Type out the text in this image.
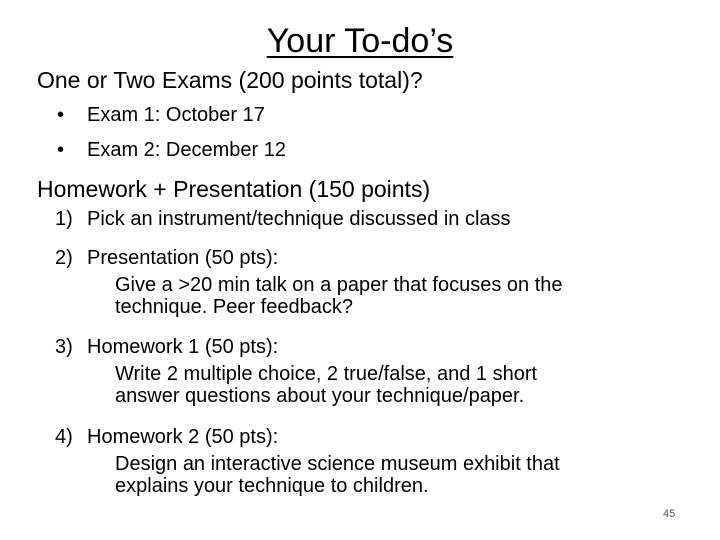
Your To-do’s
One or Two Exams (200 points total)?
• Exam 1: October 17
• Exam 2: December 12
Homework + Presentation (150 points)
1) Pick an instrument/technique discussed in class
2) Presentation (50 pts):
Give a >20 min talk on a paper that focuses on the
technique. Peer feedback?
3) Homework 1 (50 pts):
Write 2 multiple choice, 2 true/false, and 1 short
answer questions about your technique/paper.
4) Homework 2 (50 pts):
Design an interactive science museum exhibit that
explains your technique to children.
45
